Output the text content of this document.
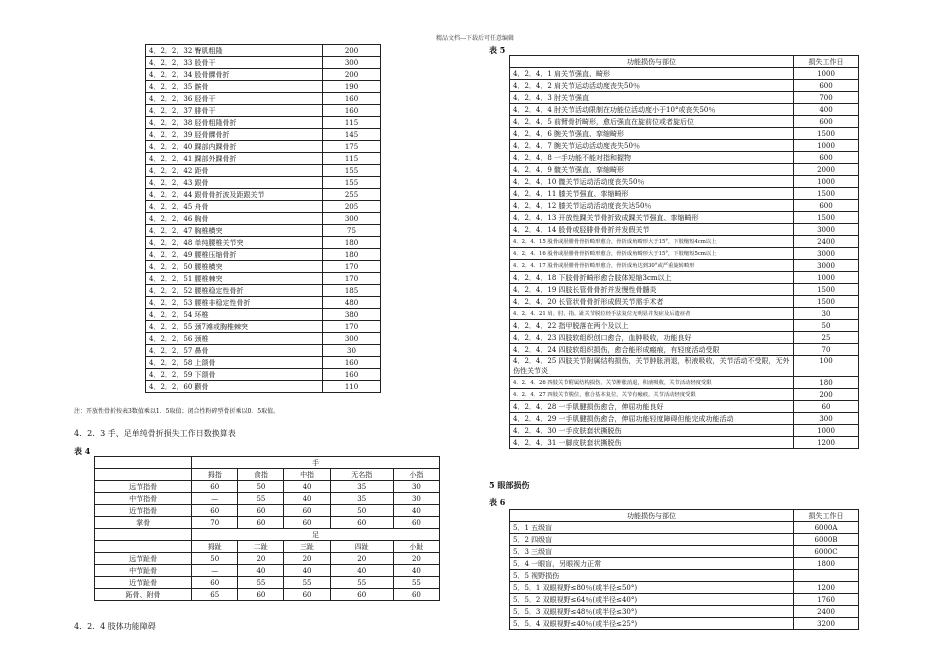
精品文档---下载后可任意编辑
4．2．2．32 臀肌粗隆	200
4．2．2．33 股骨干	300
4．2．2．34 股骨髁骨折	200
4．2．2．35 髌骨	190
4．2．2．36 胫骨干	160
4．2．2．37 腓骨干	160
4．2．2．38 胫骨粗隆骨折	115
4．2．2．39 胫骨髁骨折	145
4．2．2．40 踝部内踝骨折	175
4．2．2．41 踝部外踝骨折	115
4．2．2．42 距骨	155
4．2．2．43 跟骨	155
4．2．2．44 跟骨骨折波及距跟关节	255
4．2．2．45 舟骨	205
4．2．2．46 胸骨	300
4．2．2．47 胸椎横突	75
4．2．2．48 单纯腰椎关节突	180
4．2．2．49 腰椎压缩骨折	180
4．2．2．50 腰椎横突	170
4．2．2．51 腰椎棘突	170
4．2．2．52 腰椎稳定性骨折	185
4．2．2．53 腰椎非稳定性骨折	480
4．2．2．54 环椎	380
4．2．2．55 颈7滩或胸椎棘突	170
4．2．2．56 颈椎	300
4．2．2．57 鼻骨	30
4．2．2．58 上颌骨	160
4．2．2．59 下颌骨	160
4．2．2．60 颧骨	110
注：开放性骨折按表3数值乘以1．5取值；闭合性粉碎型骨折乘以0．5取值。
4．2．3 手、足单纯骨折损失工作日数换算表
表 4
	手				
	拇指	食指	中指	无名指	小指
远节指骨	60	50	40	35	30
中节指骨	—	55	40	35	30
近节指骨	60	60	60	50	40
掌骨	70	60	60	60	60
	足				
	拇趾	二趾	三趾	四趾	小趾
远节趾骨	50	20	20	20	20
中节趾骨	—	40	40	40	40
近节趾骨	60	55	55	55	55
跖骨、附骨	65	60	60	60	60
4．2．4 肢体功能障碍
表 5
功能损伤与部位	损失工作日
4．2．4．1 肩关节强直、畸形	1000
4．2．4．2 肩关节运动活动度丧失50％	600
4．2．4．3 肘关节强直	700
4．2．4．4 肘关节活动限制在功能位活动度小于10°或丧失50％	400
4．2．4．5 前臂骨折畸形，愈后强直在旋前位或者旋后位	600
4．2．4．6 腕关节强直、挛缩畸形	1500
4．2．4．7 腕关节运动活动度丧失50％	1000
4．2．4．8 一手功能不能对指和握物	600
4．2．4．9 髋关节强直、挛缩畸形	2000
4．2．4．10 髋关节运动活动度丧失50％	1000
4．2．4．11 膝关节强直、挛缩畸形	1500
4．2．4．12 膝关节运动活动度丧失达50％	600
4．2．4．13 开放性踝关节骨折致成踝关节强直、挛缩畸形	1500
4．2．4．14 股骨或胫腓骨骨折并发假关节	3000
4．2．4．15 股骨或胫腓骨骨折畸形愈合，骨折成角畸形大于15°，下肢缩短4cm以上	2400
4．2．4．16 股骨或胫腓骨骨折畸形愈合，骨折成角畸形大于15°，下肢缩短5cm以上	3000
4．2．4．17 股骨或胫腓骨骨折畸形愈合，骨折成角达到30°或严重旋转畸形	3000
4．2．4．18 下肢骨折畸形愈合肢体短缩3cm以上	1000
4．2．4．19 四肢长管骨骨折并发慢性骨髓炎	1500
4．2．4．20 长管状骨骨折形成假关节需手术者	1500
4．2．4．21 肩、肘、指、趾关节脱位经手法复位无明显并发症及后遗症者	30
4．2．4．22 指甲脱落在两个及以上	50
4．2．4．23 四肢软组织创口愈合，血肿吸收，功能良好	25
4．2．4．24 四肢软组织损伤，愈合能形成瘢痕，有轻度活动受限	70
4．2．4．25 四肢关节附属结构损伤，关节肿胀消退，积液吸收，关节活动不受限，无外伤性关节炎	100
4．2．4．26 四肢关节附属结构损伤，关节肿胀消退，积液吸收，关节活动轻度受限	180
4．2．4．27 四肢关节脱位，愈合基本复位，关节有瘢痕，关节活动轻度受限	200
4．2．4．28 一手肌腱损伤愈合，伸屈功能良好	60
4．2．4．29 一手肌腱损伤愈合，伸屈功能轻度障碍但能完成功能活动	300
4．2．4．30 一手皮肤套状撕脱伤	1000
4．2．4．31 一脚皮肤套状撕脱伤	1200
5 眼部损伤
表 6
功能损伤与部位	损失工作日
5．1 五级盲	6000A
5．2 四级盲	6000B
5．3 三级盲	6000C
5．4 一眼盲，另眼视力正常	1800
5．5 视野损伤	
5．5．1 双眼视野≤80％(或半径≤50°)	1200
5．5．2 双眼视野≤64％(或半径≤40°)	1760
5．5．3 双眼视野≤48％(或半径≤30°)	2400
5．5．4 双眼视野≤40％(或半径≤25°)	3200
